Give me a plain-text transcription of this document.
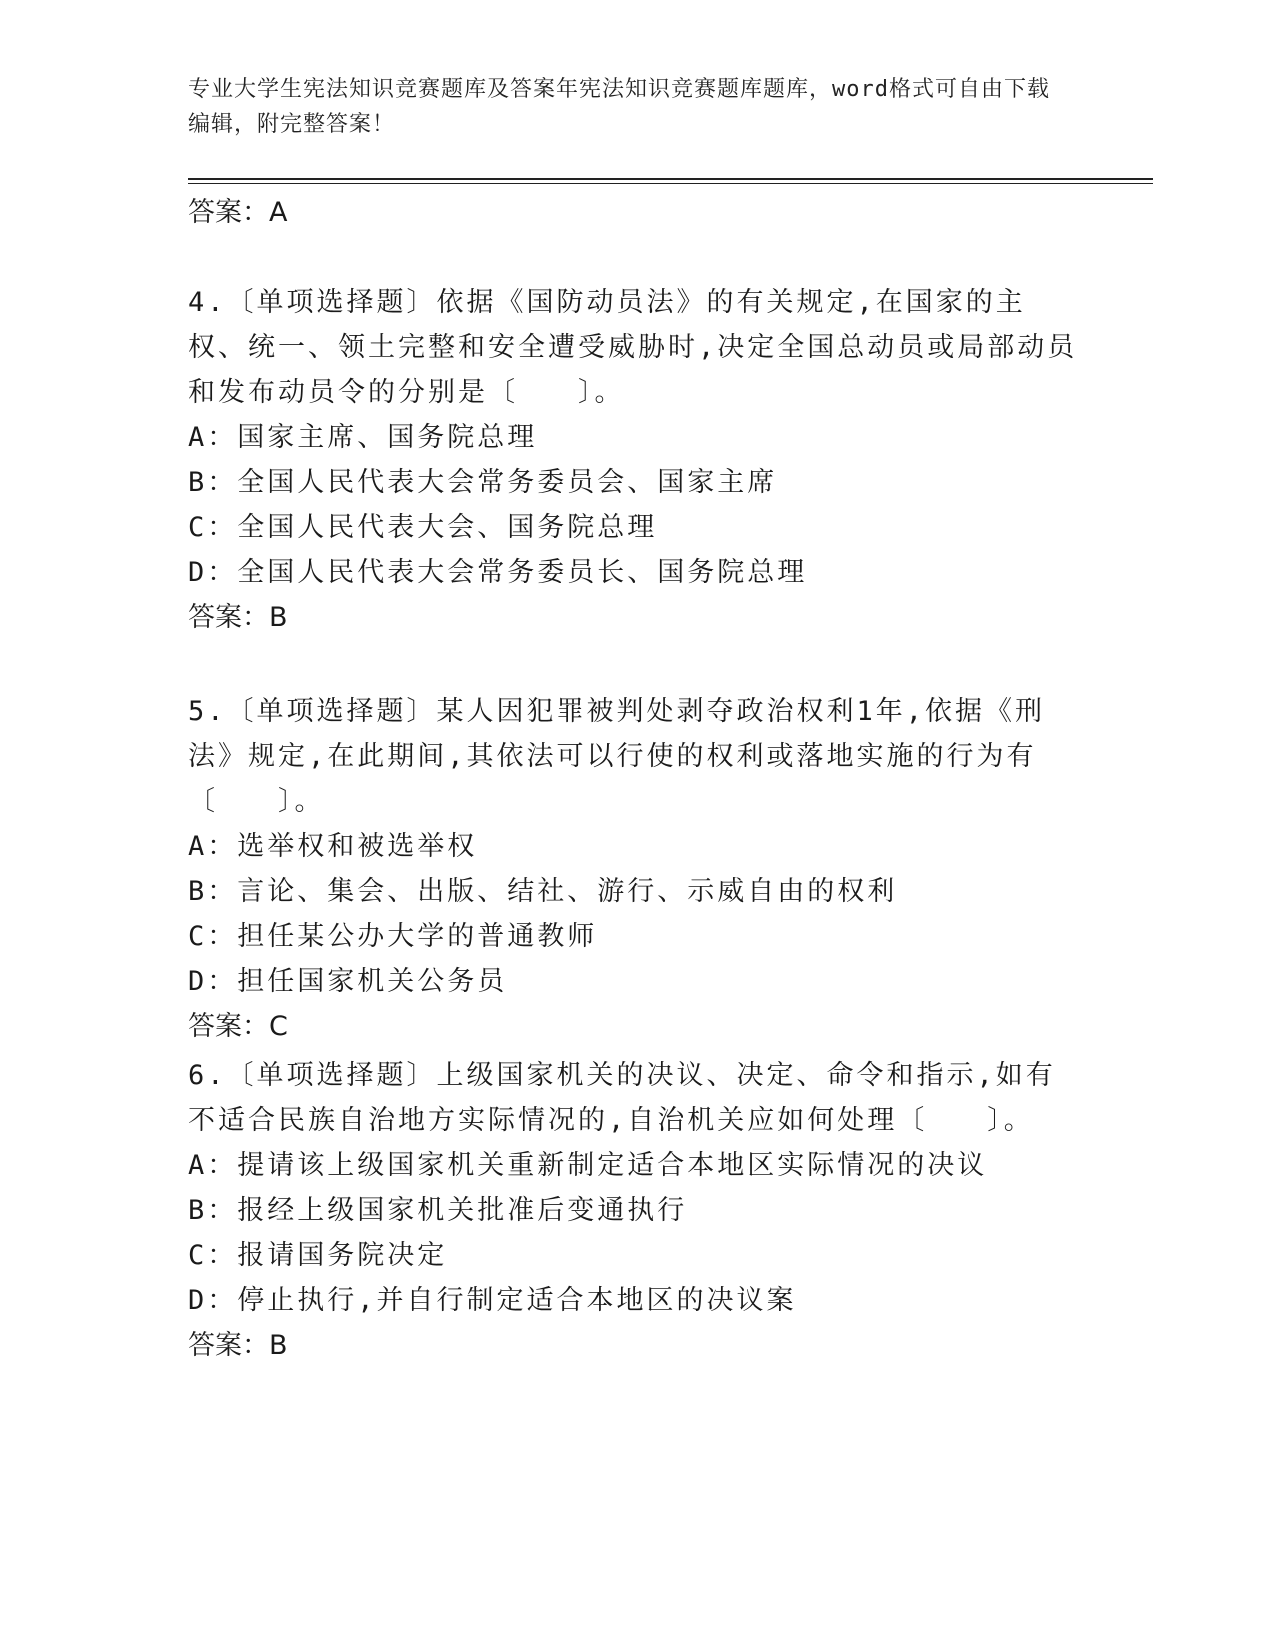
专业大学生宪法知识竞赛题库及答案年宪法知识竞赛题库题库，word格式可自由下载编辑，附完整答案！
答案：A

4.〔单项选择题〕依据《国防动员法》的有关规定,在国家的主权、统一、领土完整和安全遭受威胁时,决定全国总动员或局部动员和发布动员令的分别是〔　　〕。

A：国家主席、国务院总理

B：全国人民代表大会常务委员会、国家主席

C：全国人民代表大会、国务院总理

D：全国人民代表大会常务委员长、国务院总理

答案：B

5.〔单项选择题〕某人因犯罪被判处剥夺政治权利1年,依据《刑法》规定,在此期间,其依法可以行使的权利或落地实施的行为有〔　　〕。

A：选举权和被选举权

B：言论、集会、出版、结社、游行、示威自由的权利

C：担任某公办大学的普通教师

D：担任国家机关公务员

答案：C

6.〔单项选择题〕上级国家机关的决议、决定、命令和指示,如有不适合民族自治地方实际情况的,自治机关应如何处理〔　　〕。

A：提请该上级国家机关重新制定适合本地区实际情况的决议

B：报经上级国家机关批准后变通执行

C：报请国务院决定

D：停止执行,并自行制定适合本地区的决议案

答案：B
